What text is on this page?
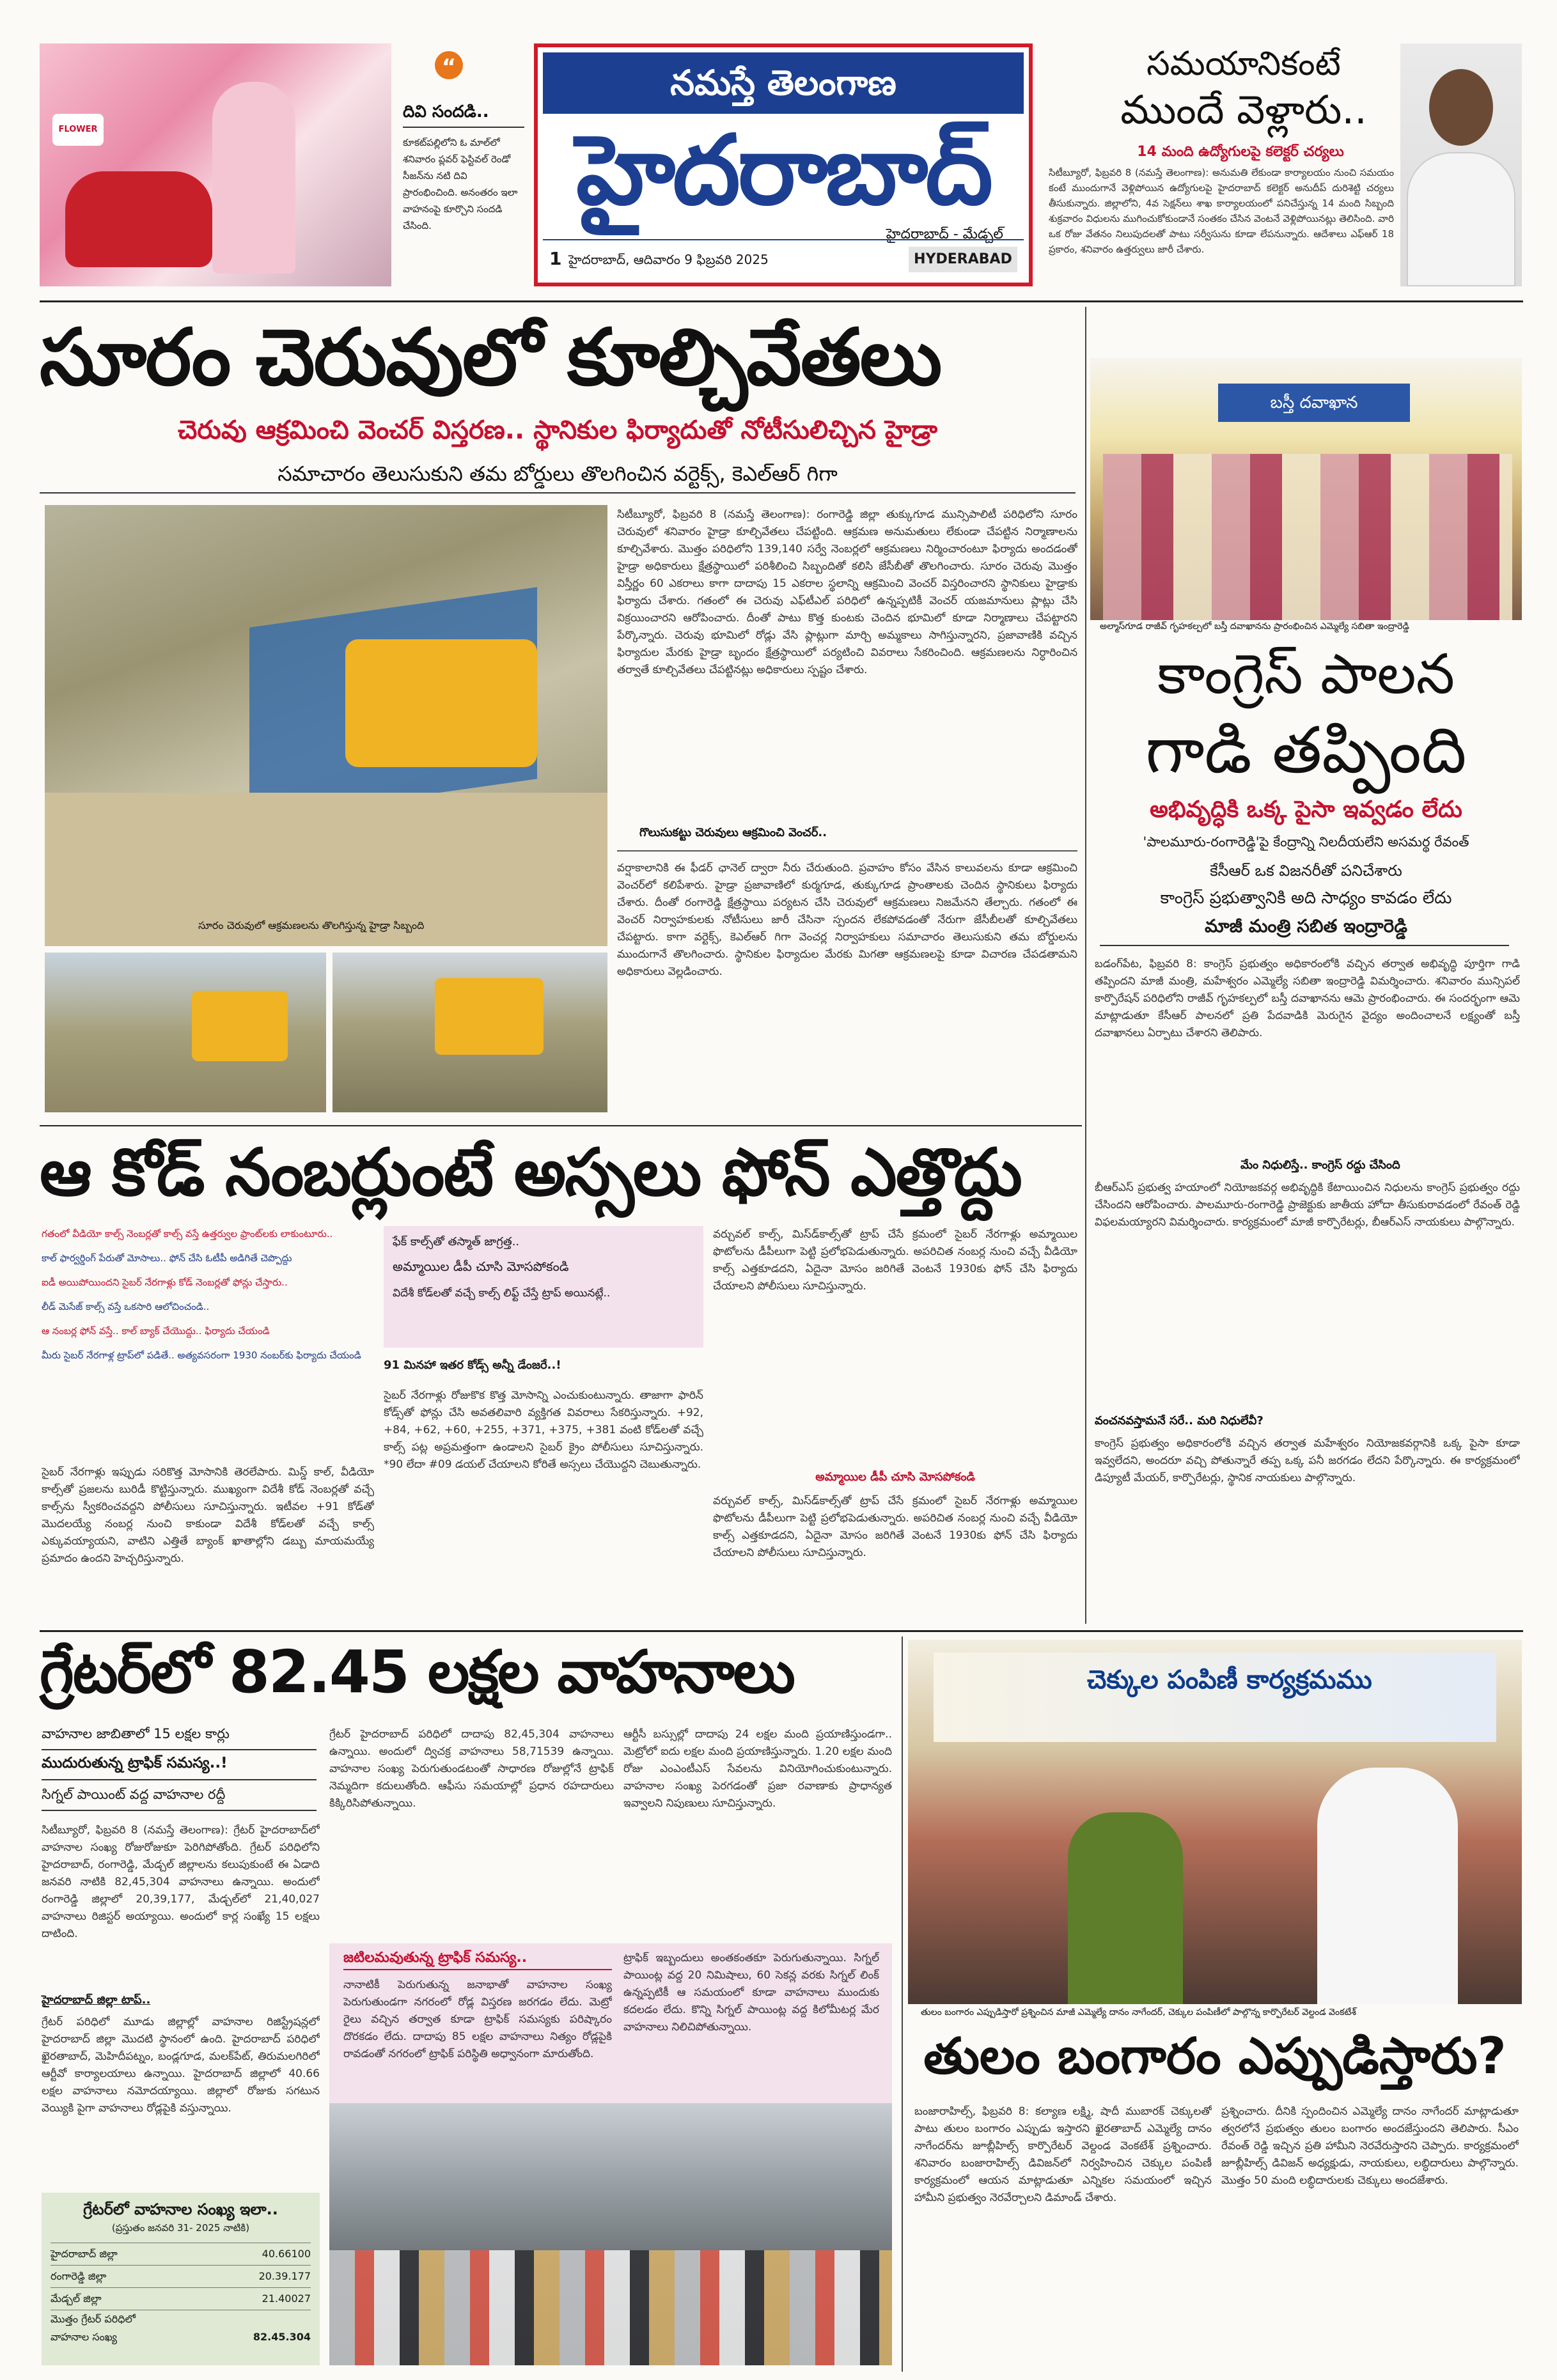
FLOWER
“
దివి సందడి..
కూకట్‌పల్లిలోని ఓ మాల్‌లో శనివారం ప్లవర్ ఫెస్టివల్ రెండో సీజన్‌ను నటి దివి ప్రారంభించింది. అనంతరం ఇలా వాహనంపై కూర్చొని సందడి చేసింది.
నమస్తే తెలంగాణ
హైదరాబాద్
హైదరాబాద్ - మేడ్చల్
1 హైదరాబాద్, ఆదివారం 9 ఫిబ్రవరి 2025	HYDERABAD
సమయానికంటే
ముందే వెళ్లారు..
14 మంది ఉద్యోగులపై కలెక్టర్ చర్యలు
సిటీబ్యూరో, ఫిబ్రవరి 8 (నమస్తే తెలంగాణ): అనుమతి లేకుండా కార్యాలయం నుంచి సమయం కంటే ముందుగానే వెళ్లిపోయిన ఉద్యోగులపై హైదరాబాద్ కలెక్టర్ అనుదీప్ దురిశెట్టి చర్యలు తీసుకున్నారు. జిల్లాలోని, 4వ సెక్షన్‌లు శాఖ కార్యాలయంలో పనిచేస్తున్న 14 మంది సిబ్బంది శుక్రవారం విధులను ముగించుకోకుండానే సంతకం చేసిన వెంటనే వెళ్లిపోయినట్లు తెలిసింది. వారి ఒక రోజు వేతనం నిలుపుదలతో పాటు సర్వీసును కూడా లేపనున్నారు. ఆదేశాలు ఎఫ్‌ఆర్ 18 ప్రకారం, శనివారం ఉత్తర్వులు జారీ చేశారు.
సూరం చెరువులో కూల్చివేతలు
చెరువు ఆక్రమించి వెంచర్ విస్తరణ.. స్థానికుల ఫిర్యాదుతో నోటీసులిచ్చిన హైడ్రా
సమాచారం తెలుసుకుని తమ బోర్డులు తొలగించిన వర్టెక్స్, కెఎల్‌ఆర్ గిగా
సూరం చెరువులో ఆక్రమణలను తొలగిస్తున్న హైడ్రా సిబ్బంది
సిటీబ్యూరో, ఫిబ్రవరి 8 (నమస్తే తెలంగాణ): రంగారెడ్డి జిల్లా తుక్కుగూడ మున్సిపాలిటీ పరిధిలోని సూరం చెరువులో శనివారం హైడ్రా కూల్చివేతలు చేపట్టింది. ఆక్రమణ అనుమతులు లేకుండా చేపట్టిన నిర్మాణాలను కూల్చివేశారు. మొత్తం పరిధిలోని 139,140 సర్వే నెంబర్లలో ఆక్రమణలు నిర్మించారంటూ ఫిర్యాదు అందడంతో హైడ్రా అధికారులు క్షేత్రస్థాయిలో పరిశీలించి సిబ్బందితో కలిసి జేసీబీతో తొలగించారు. సూరం చెరువు మొత్తం విస్తీర్ణం 60 ఎకరాలు కాగా దాదాపు 15 ఎకరాల స్థలాన్ని ఆక్రమించి వెంచర్ విస్తరించారని స్థానికులు హైడ్రాకు ఫిర్యాదు చేశారు. గతంలో ఈ చెరువు ఎఫ్‌టీఎల్ పరిధిలో ఉన్నప్పటికీ వెంచర్ యజమానులు ప్లాట్లు చేసి విక్రయించారని ఆరోపించారు. దీంతో పాటు కొత్త కుంటకు చెందిన భూమిలో కూడా నిర్మాణాలు చేపట్టారని పేర్కొన్నారు. చెరువు భూమిలో రోడ్లు వేసి ప్లాట్లుగా మార్చి అమ్మకాలు సాగిస్తున్నారని, ప్రజావాణికి వచ్చిన ఫిర్యాదుల మేరకు హైడ్రా బృందం క్షేత్రస్థాయిలో పర్యటించి వివరాలు సేకరించింది. ఆక్రమణలను నిర్ధారించిన తర్వాతే కూల్చివేతలు చేపట్టినట్లు అధికారులు స్పష్టం చేశారు.
గొలుసుకట్టు చెరువులు ఆక్రమించి వెంచర్..
వర్షాకాలానికి ఈ ఫీడర్ ఛానెల్ ద్వారా నీరు చేరుతుంది. ప్రవాహం కోసం వేసిన కాలువలను కూడా ఆక్రమించి వెంచర్‌లో కలిపేశారు. హైడ్రా ప్రజావాణిలో కుర్మగూడ, తుక్కుగూడ ప్రాంతాలకు చెందిన స్థానికులు ఫిర్యాదు చేశారు. దీంతో రంగారెడ్డి క్షేత్రస్థాయి పర్యటన చేసి చెరువులో ఆక్రమణలు నిజమేనని తేల్చారు. గతంలో ఈ వెంచర్ నిర్వాహకులకు నోటీసులు జారీ చేసినా స్పందన లేకపోవడంతో నేరుగా జేసీబీలతో కూల్చివేతలు చేపట్టారు. కాగా వర్టెక్స్, కెఎల్‌ఆర్ గిగా వెంచర్ల నిర్వాహకులు సమాచారం తెలుసుకుని తమ బోర్డులను ముందుగానే తొలగించారు. స్థానికుల ఫిర్యాదుల మేరకు మిగతా ఆక్రమణలపై కూడా విచారణ చేపడతామని అధికారులు వెల్లడించారు.
బస్తీ దవాఖాన
అల్మాస్‌గూడ రాజీవ్ గృహకల్పలో బస్తీ దవాఖానను ప్రారంభించిన ఎమ్మెల్యే సబితా ఇంద్రారెడ్డి
కాంగ్రెస్ పాలన
గాడి తప్పింది
అభివృద్ధికి ఒక్క పైసా ఇవ్వడం లేదు
'పాలమూరు-రంగారెడ్డి'పై కేంద్రాన్ని నిలదీయలేని అసమర్థ రేవంత్
కేసీఆర్ ఒక విజనరీతో పనిచేశారు
కాంగ్రెస్ ప్రభుత్వానికి అది సాధ్యం కావడం లేదు
మాజీ మంత్రి సబిత ఇంద్రారెడ్డి
బడంగ్‌పేట, ఫిబ్రవరి 8: కాంగ్రెస్ ప్రభుత్వం అధికారంలోకి వచ్చిన తర్వాత అభివృద్ధి పూర్తిగా గాడి తప్పిందని మాజీ మంత్రి, మహేశ్వరం ఎమ్మెల్యే సబితా ఇంద్రారెడ్డి విమర్శించారు. శనివారం మున్సిపల్ కార్పొరేషన్ పరిధిలోని రాజీవ్ గృహకల్పలో బస్తీ దవాఖానను ఆమె ప్రారంభించారు. ఈ సందర్భంగా ఆమె మాట్లాడుతూ కేసీఆర్ పాలనలో ప్రతి పేదవాడికి మెరుగైన వైద్యం అందించాలనే లక్ష్యంతో బస్తీ దవాఖానలు ఏర్పాటు చేశారని తెలిపారు.
మేం నిధులిస్తే.. కాంగ్రెస్ రద్దు చేసింది
బీఆర్‌ఎస్ ప్రభుత్వ హయాంలో నియోజకవర్గ అభివృద్ధికి కేటాయించిన నిధులను కాంగ్రెస్ ప్రభుత్వం రద్దు చేసిందని ఆరోపించారు. పాలమూరు-రంగారెడ్డి ప్రాజెక్టుకు జాతీయ హోదా తీసుకురావడంలో రేవంత్ రెడ్డి విఫలమయ్యారని విమర్శించారు. కార్యక్రమంలో మాజీ కార్పొరేటర్లు, బీఆర్‌ఎస్ నాయకులు పాల్గొన్నారు.
వంచనవస్తామనే సరే.. మరి నిధులేవీ?
కాంగ్రెస్ ప్రభుత్వం అధికారంలోకి వచ్చిన తర్వాత మహేశ్వరం నియోజకవర్గానికి ఒక్క పైసా కూడా ఇవ్వలేదని, అందరూ వచ్చి పోతున్నారే తప్ప ఒక్క పనీ జరగడం లేదని పేర్కొన్నారు. ఈ కార్యక్రమంలో డిప్యూటీ మేయర్, కార్పొరేటర్లు, స్థానిక నాయకులు పాల్గొన్నారు.
ఆ కోడ్ నంబర్లుంటే అస్సలు ఫోన్ ఎత్తొద్దు
గతంలో వీడియో కాల్స్ నెంబర్లతో కాల్స్ వస్తే ఉత్తర్వుల ఫ్రాంట్‌లకు లాకుంటూరు..
కాల్ ఫార్వర్డింగ్ పేరుతో మోసాలు.. ఫోన్ చేసి ఓటీపీ అడిగితే చెప్పొద్దు
ఐడీ అయిపోయిందని సైబర్ నేరగాళ్లు కోడ్ నెంబర్లతో ఫోన్లు చేస్తారు..
లీడ్ మెసేజ్ కాల్స్ వస్తే ఒకసారి ఆలోచించండి..
ఆ నంబర్ల ఫోన్ వస్తే.. కాల్ బ్యాక్ చేయొద్దు.. ఫిర్యాదు చేయండి
మీరు సైబర్ నేరగాళ్ల ట్రాప్‌లో పడితే.. అత్యవసరంగా 1930 నంబర్‌కు ఫిర్యాదు చేయండి
సైబర్ నేరగాళ్లు ఇప్పుడు సరికొత్త మోసానికి తెరలేపారు. మిస్డ్ కాల్, వీడియో కాల్స్‌తో ప్రజలను బురిడీ కొట్టిస్తున్నారు. ముఖ్యంగా విదేశీ కోడ్ నెంబర్లతో వచ్చే కాల్స్‌ను స్వీకరించవద్దని పోలీసులు సూచిస్తున్నారు. ఇటీవల +91 కోడ్‌తో మొదలయ్యే నంబర్ల నుంచి కాకుండా విదేశీ కోడ్‌లతో వచ్చే కాల్స్ ఎక్కువయ్యాయని, వాటిని ఎత్తితే బ్యాంక్ ఖాతాల్లోని డబ్బు మాయమయ్యే ప్రమాదం ఉందని హెచ్చరిస్తున్నారు.
ఫేక్ కాల్స్‌తో తస్మాత్ జాగ్రత్త..
అమ్మాయిల డీపీ చూసి మోసపోకండి
విదేశీ కోడ్‌లతో వచ్చే కాల్స్ లిఫ్ట్ చేస్తే ట్రాప్ అయినట్లే..
91 మినహా ఇతర కోడ్స్ అన్నీ డేంజరే..!
సైబర్ నేరగాళ్లు రోజుకొక కొత్త మోసాన్ని ఎంచుకుంటున్నారు. తాజాగా ఫారిన్ కోడ్స్‌తో ఫోన్లు చేసి అవతలివారి వ్యక్తిగత వివరాలు సేకరిస్తున్నారు. +92, +84, +62, +60, +255, +371, +375, +381 వంటి కోడ్‌లతో వచ్చే కాల్స్ పట్ల అప్రమత్తంగా ఉండాలని సైబర్ క్రైం పోలీసులు సూచిస్తున్నారు. *90 లేదా #09 డయల్ చేయాలని కోరితే అస్సలు చేయొద్దని చెబుతున్నారు.
వర్చువల్ కాల్స్, మిస్‌డ్‌కాల్స్‌తో ట్రాప్ చేసే క్రమంలో సైబర్ నేరగాళ్లు అమ్మాయిల ఫొటోలను డీపీలుగా పెట్టి ప్రలోభపెడుతున్నారు. అపరిచిత నంబర్ల నుంచి వచ్చే వీడియో కాల్స్ ఎత్తకూడదని, ఏదైనా మోసం జరిగితే వెంటనే 1930కు ఫోన్ చేసి ఫిర్యాదు చేయాలని పోలీసులు సూచిస్తున్నారు.
అమ్మాయిల డీపీ చూసి మోసపోకండి
వర్చువల్ కాల్స్, మిస్‌డ్‌కాల్స్‌తో ట్రాప్ చేసే క్రమంలో సైబర్ నేరగాళ్లు అమ్మాయిల ఫొటోలను డీపీలుగా పెట్టి ప్రలోభపెడుతున్నారు. అపరిచిత నంబర్ల నుంచి వచ్చే వీడియో కాల్స్ ఎత్తకూడదని, ఏదైనా మోసం జరిగితే వెంటనే 1930కు ఫోన్ చేసి ఫిర్యాదు చేయాలని పోలీసులు సూచిస్తున్నారు.
గ్రేటర్‌లో 82.45 లక్షల వాహనాలు
వాహనాల జాబితాలో 15 లక్షల కార్లు
ముదురుతున్న ట్రాఫిక్ సమస్య..!
సిగ్నల్ పాయింట్ వద్ద వాహనాల రద్దీ
సిటీబ్యూరో, ఫిబ్రవరి 8 (నమస్తే తెలంగాణ): గ్రేటర్ హైదరాబాద్‌లో వాహనాల సంఖ్య రోజురోజుకూ పెరిగిపోతోంది. గ్రేటర్ పరిధిలోని హైదరాబాద్, రంగారెడ్డి, మేడ్చల్ జిల్లాలను కలుపుకుంటే ఈ ఏడాది జనవరి నాటికి 82,45,304 వాహనాలు ఉన్నాయి. అందులో రంగారెడ్డి జిల్లాలో 20,39,177, మేడ్చల్‌లో 21,40,027 వాహనాలు రిజిస్టర్ అయ్యాయి. అందులో కార్ల సంఖ్యే 15 లక్షలు దాటింది.
హైదరాబాద్ జిల్లా టాప్..
గ్రేటర్ పరిధిలో మూడు జిల్లాల్లో వాహనాల రిజిస్ట్రేషన్లలో హైదరాబాద్ జిల్లా మొదటి స్థానంలో ఉంది. హైదరాబాద్ పరిధిలో ఖైరతాబాద్, మెహిదీపట్నం, బండ్లగూడ, మలక్‌పేట్, తిరుమలగిరిలో ఆర్టీవో కార్యాలయాలు ఉన్నాయి. హైదరాబాద్ జిల్లాలో 40.66 లక్షల వాహనాలు నమోదయ్యాయి. జిల్లాలో రోజుకు సగటున వెయ్యికి పైగా వాహనాలు రోడ్లపైకి వస్తున్నాయి.
గ్రేటర్‌లో వాహనాల సంఖ్య ఇలా..
(ప్రస్తుతం జనవరి 31- 2025 నాటికి)
హైదరాబాద్ జిల్లా	40.66100
రంగారెడ్డి జిల్లా	20.39.177
మేడ్చల్ జిల్లా	21.40027
మొత్తం గ్రేటర్ పరిధిలో
వాహనాల సంఖ్య	82.45.304
గ్రేటర్ హైదరాబాద్ పరిధిలో దాదాపు 82,45,304 వాహనాలు ఉన్నాయి. అందులో ద్విచక్ర వాహనాలు 58,71539 ఉన్నాయి. వాహనాల సంఖ్య పెరుగుతుండటంతో సాధారణ రోజుల్లోనే ట్రాఫిక్ నెమ్మదిగా కదులుతోంది. ఆఫీసు సమయాల్లో ప్రధాన రహదారులు కిక్కిరిసిపోతున్నాయి.
ఆర్టీసీ బస్సుల్లో దాదాపు 24 లక్షల మంది ప్రయాణిస్తుండగా.. మెట్రోలో ఐదు లక్షల మంది ప్రయాణిస్తున్నారు. 1.20 లక్షల మంది రోజు ఎంఎంటీఎస్ సేవలను వినియోగించుకుంటున్నారు. వాహనాల సంఖ్య పెరగడంతో ప్రజా రవాణాకు ప్రాధాన్యత ఇవ్వాలని నిపుణులు సూచిస్తున్నారు.
జటిలమవుతున్న ట్రాఫిక్ సమస్య..
నానాటికీ పెరుగుతున్న జనాభాతో వాహనాల సంఖ్య పెరుగుతుండగా నగరంలో రోడ్ల విస్తరణ జరగడం లేదు. మెట్రో రైలు వచ్చిన తర్వాత కూడా ట్రాఫిక్ సమస్యకు పరిష్కారం దొరకడం లేదు. దాదాపు 85 లక్షల వాహనాలు నిత్యం రోడ్లపైకి రావడంతో నగరంలో ట్రాఫిక్ పరిస్థితి అధ్వానంగా మారుతోంది.
ట్రాఫిక్ ఇబ్బందులు అంతకంతకూ పెరుగుతున్నాయి. సిగ్నల్ పాయింట్ల వద్ద 20 నిమిషాలు, 60 సెకన్ల వరకు సిగ్నల్ లింక్ ఉన్నప్పటికీ ఆ సమయంలో కూడా వాహనాలు ముందుకు కదలడం లేదు. కొన్ని సిగ్నల్ పాయింట్ల వద్ద కిలోమీటర్ల మేర వాహనాలు నిలిచిపోతున్నాయి.
చెక్కుల పంపిణీ కార్యక్రమము
తులం బంగారం ఎప్పుడిస్తారో ప్రశ్నించిన మాజీ ఎమ్మెల్యే దానం నాగేందర్, చెక్కుల పంపిణీలో పాల్గొన్న కార్పొరేటర్ వెల్దండ వెంకటేశ్
తులం బంగారం ఎప్పుడిస్తారు?
బంజారాహిల్స్, ఫిబ్రవరి 8: కల్యాణ లక్ష్మి, షాదీ ముబారక్ చెక్కులతో పాటు తులం బంగారం ఎప్పుడు ఇస్తారని ఖైరతాబాద్ ఎమ్మెల్యే దానం నాగేందర్‌ను జూబ్లీహిల్స్ కార్పొరేటర్ వెల్దండ వెంకటేశ్ ప్రశ్నించారు. శనివారం బంజారాహిల్స్ డివిజన్‌లో నిర్వహించిన చెక్కుల పంపిణీ కార్యక్రమంలో ఆయన మాట్లాడుతూ ఎన్నికల సమయంలో ఇచ్చిన హామీని ప్రభుత్వం నెరవేర్చాలని డిమాండ్ చేశారు.
ప్రశ్నించారు. దీనికి స్పందించిన ఎమ్మెల్యే దానం నాగేందర్ మాట్లాడుతూ త్వరలోనే ప్రభుత్వం తులం బంగారం అందజేస్తుందని తెలిపారు. సీఎం రేవంత్ రెడ్డి ఇచ్చిన ప్రతి హామీని నెరవేరుస్తారని చెప్పారు. కార్యక్రమంలో జూబ్లీహిల్స్ డివిజన్ అధ్యక్షుడు, నాయకులు, లబ్ధిదారులు పాల్గొన్నారు. మొత్తం 50 మంది లబ్ధిదారులకు చెక్కులు అందజేశారు.
